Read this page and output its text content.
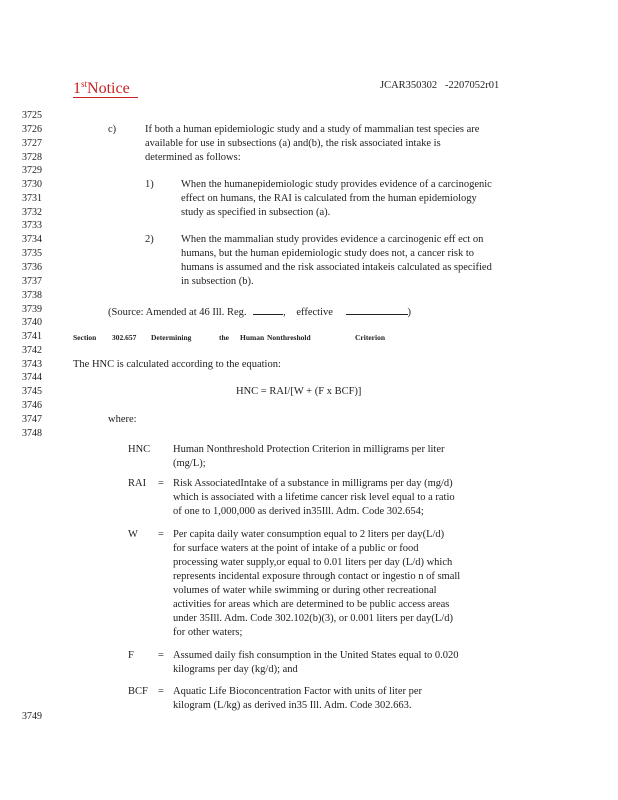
1stNotice	JCAR350302 -2207052r01
3725
3726
3727
3728
3729
3730
3731
3732
3733
3734
3735
3736
3737
3738
3739
3740
3741
3742
3743
3744
3745
3746
3747
3748
3749
c)	If both a human epidemiologic study and a study of mammalian test species are
available for use in subsections (a) and(b), the risk associated intake is
determined as follows:
1)	When the humanepidemiologic study provides evidence of a carcinogenic
effect on humans, the RAI is calculated from the human epidemiology
study as specified in subsection (a).
2)	When the mammalian study provides evidence a carcinogenic eff ect on
humans, but the human epidemiologic study does not, a cancer risk to
humans is assumed and the risk associated intakeis calculated as specified
in subsection (b).
(Source: Amended at 46 Ill. Reg.	, effective	)
Section 302.657 Determining	the Human Nonthreshold	Criterion
The HNC is calculated according to the equation:
HNC = RAI/[W + (F x BCF)]
where:
HNC Human Nonthreshold Protection Criterion in milligrams per liter
(mg/L);
RAI = Risk AssociatedIntake of a substance in milligrams per day (mg/d)
which is associated with a lifetime cancer risk level equal to a ratio
of one to 1,000,000 as derived in35Ill. Adm. Code 302.654;
W = Per capita daily water consumption equal to 2 liters per day(L/d)
for surface waters at the point of intake of a public or food
processing water supply,or equal to 0.01 liters per day (L/d) which
represents incidental exposure through contact or ingestio n of small
volumes of water while swimming or during other recreational
activities for areas which are determined to be public access areas
under 35Ill. Adm. Code 302.102(b)(3), or 0.001 liters per day(L/d)
for other waters;
F = Assumed daily fish consumption in the United States equal to 0.020
kilograms per day (kg/d); and
BCF = Aquatic Life Bioconcentration Factor with units of liter per
kilogram (L/kg) as derived in35 Ill. Adm. Code 302.663.
